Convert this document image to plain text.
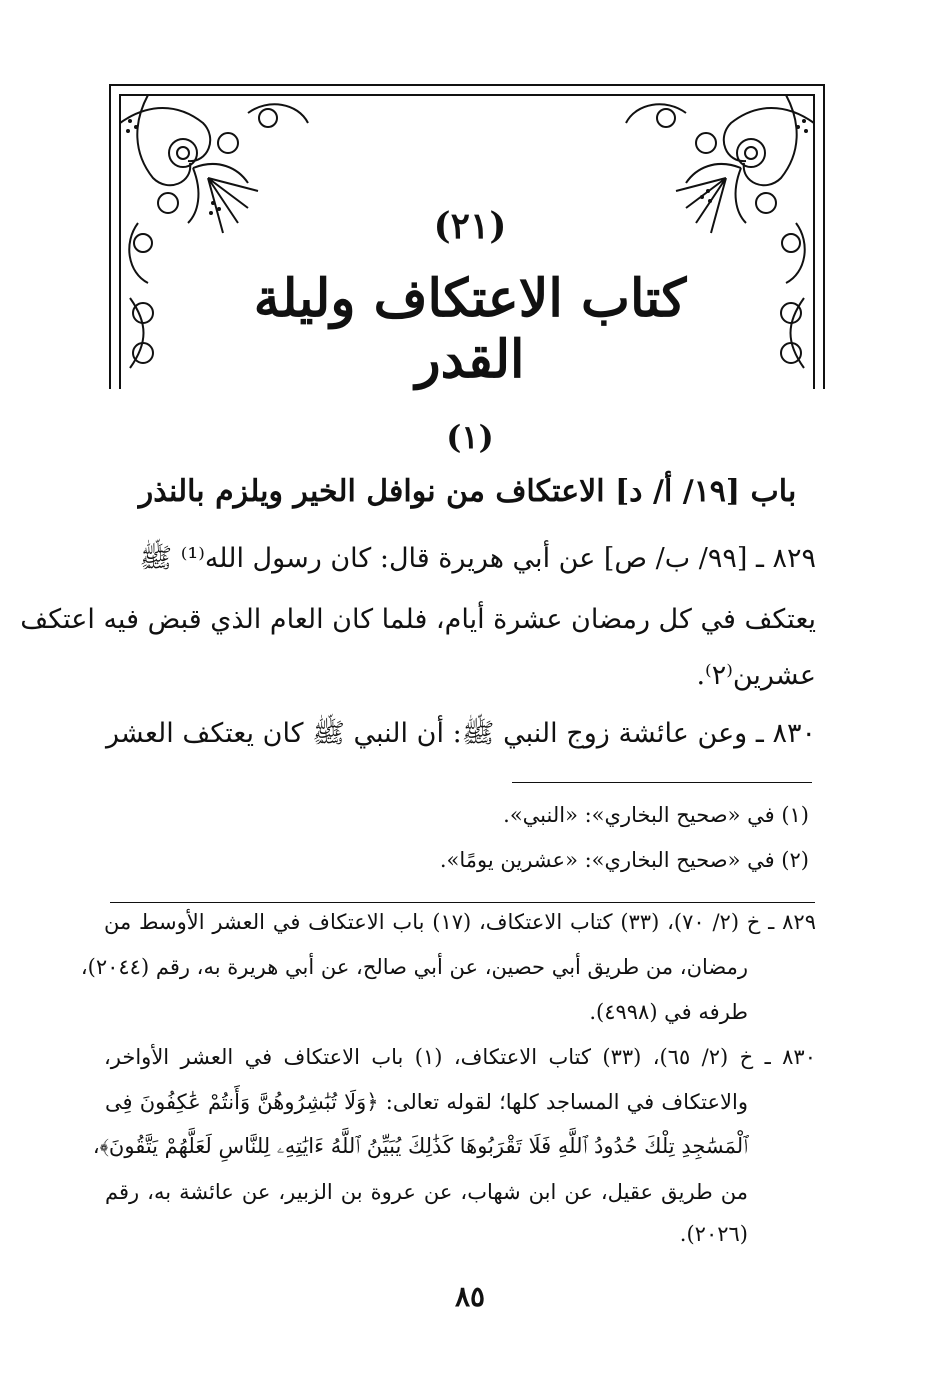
(٢١)
كتاب الاعتكاف وليلة القدر
(١)
باب [١٩/ أ/ د] الاعتكاف من نوافل الخير ويلزم بالنذر
٨٢٩ ـ [٩٩/ ب/ ص] عن أبي هريرة قال: كان رسول الله⁽¹⁾ ﷺ
يعتكف في كل رمضان عشرة أيام، فلما كان العام الذي قبض فيه اعتكف
عشرين⁽٢⁾.
٨٣٠ ـ وعن عائشة زوج النبي ﷺ: أن النبي ﷺ كان يعتكف العشر
(١) في «صحيح البخاري»: «النبي».
(٢) في «صحيح البخاري»: «عشرين يومًا».
٨٢٩ ـ خ (٢/ ٧٠)، (٣٣) كتاب الاعتكاف، (١٧) باب الاعتكاف في العشر الأوسط من
رمضان، من طريق أبي حصين، عن أبي صالح، عن أبي هريرة به، رقم (٢٠٤٤)،
طرفه في (٤٩٩٨).
٨٣٠ ـ خ (٢/ ٦٥)، (٣٣) كتاب الاعتكاف، (١) باب الاعتكاف في العشر الأواخر،
والاعتكاف في المساجد كلها؛ لقوله تعالى: ﴿وَلَا تُبَٰشِرُوهُنَّ وَأَنتُمْ عَٰكِفُونَ فِى
ٱلْمَسَٰجِدِ تِلْكَ حُدُودُ ٱللَّهِ فَلَا تَقْرَبُوهَا كَذَٰلِكَ يُبَيِّنُ ٱللَّهُ ءَايَٰتِهِۦ لِلنَّاسِ لَعَلَّهُمْ يَتَّقُونَ﴾،
من طريق عقيل، عن ابن شهاب، عن عروة بن الزبير، عن عائشة به، رقم
(٢٠٢٦).
٨٥
